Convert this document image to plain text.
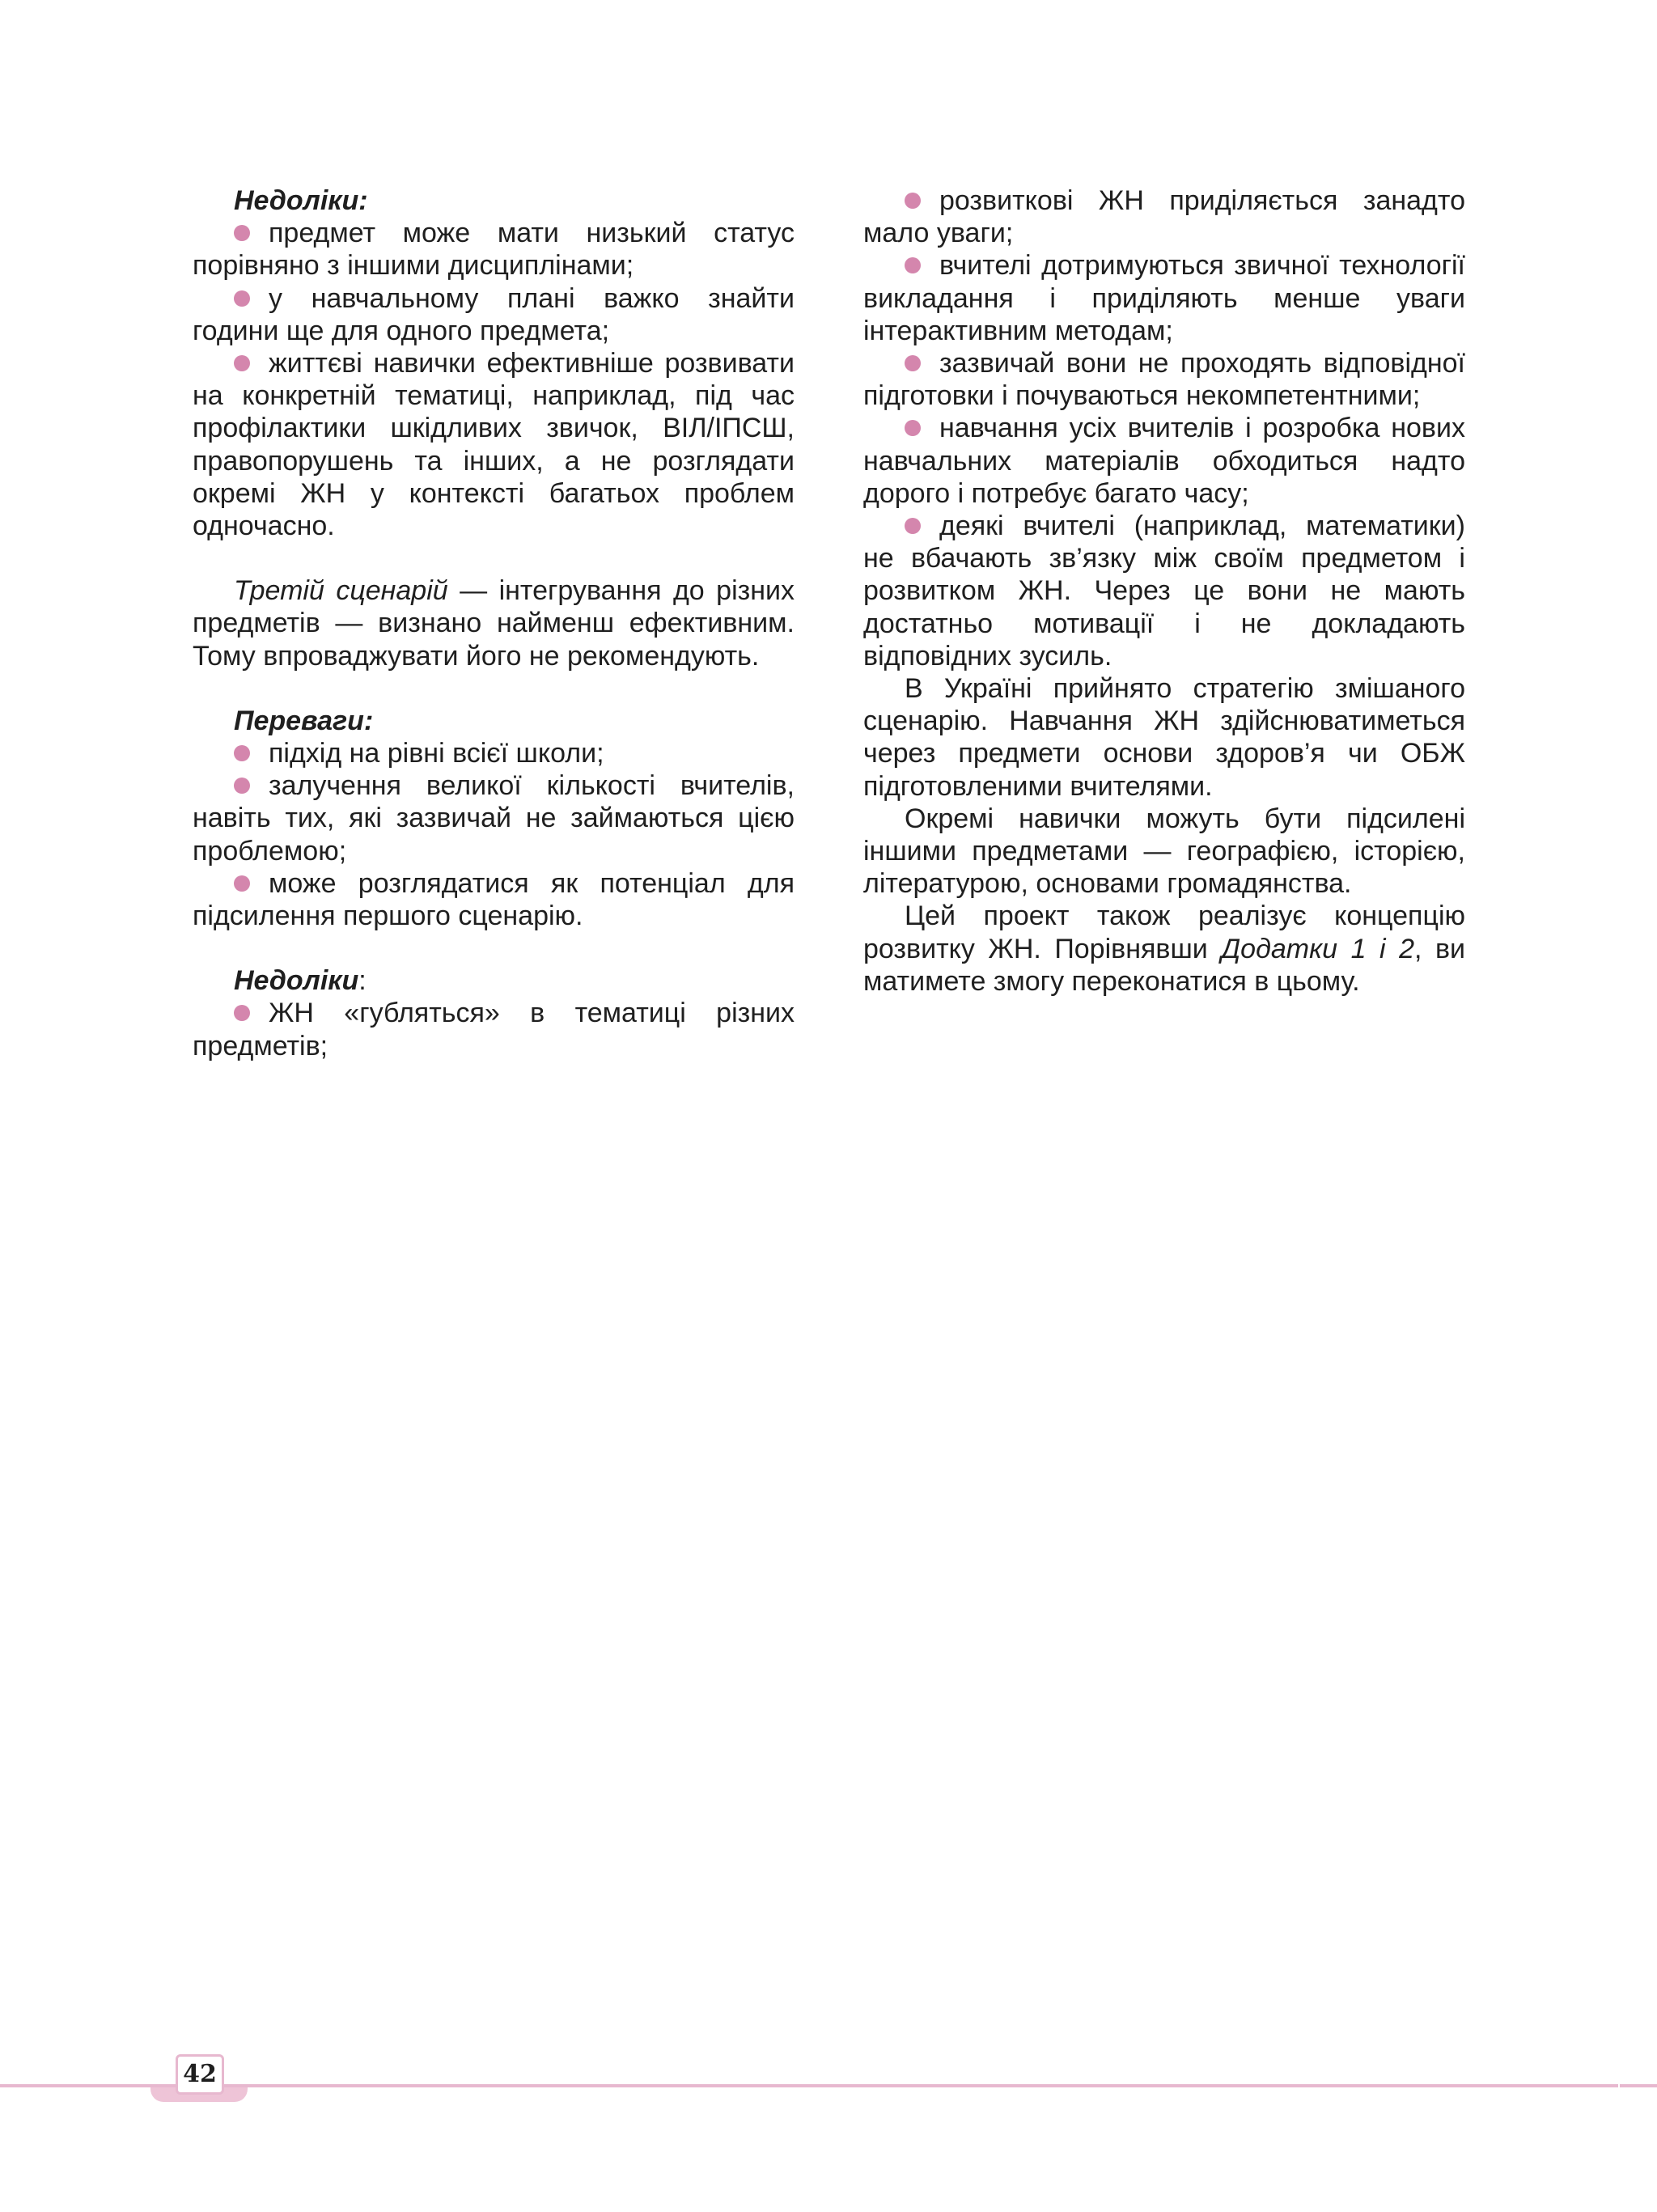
Недоліки:

предмет може мати низький статус порівняно з іншими дисциплінами;

у навчальному плані важко знайти години ще для одного предмета;

життєві навички ефективніше розвивати на конкретній тематиці, наприклад, під час профілактики шкідливих звичок, ВІЛ/ІПСШ, правопорушень та інших, а не розглядати окремі ЖН у контексті багатьох проблем одночасно.

Третій сценарій — інтегрування до різних предметів — визнано найменш ефективним. Тому впроваджувати його не рекомендують.

Переваги:

підхід на рівні всієї школи;

залучення великої кількості вчителів, навіть тих, які зазвичай не займаються цією проблемою;

може розглядатися як потенціал для підсилення першого сценарію.

Недоліки:

ЖН «губляться» в тематиці різних предметів;

розвиткові ЖН приділяється занадто мало уваги;

вчителі дотримуються звичної технології викладання і приділяють менше уваги інтерактивним методам;

зазвичай вони не проходять відповідної підготовки і почуваються некомпетентними;

навчання усіх вчителів і розробка нових навчальних матеріалів обходиться надто дорого і потребує багато часу;

деякі вчителі (наприклад, математики) не вбачають зв’язку між своїм предметом і розвитком ЖН. Через це вони не мають достатньо мотивації і не докладають відповідних зусиль.

В Україні прийнято стратегію змішаного сценарію. Навчання ЖН здійснюватиметься через предмети основи здоров’я чи ОБЖ підготовленими вчителями.

Окремі навички можуть бути підсилені іншими предметами — географією, історією, літературою, основами громадянства.

Цей проект також реалізує концепцію розвитку ЖН. Порівнявши Додатки 1 і 2, ви матимете змогу переконатися в цьому.

42
